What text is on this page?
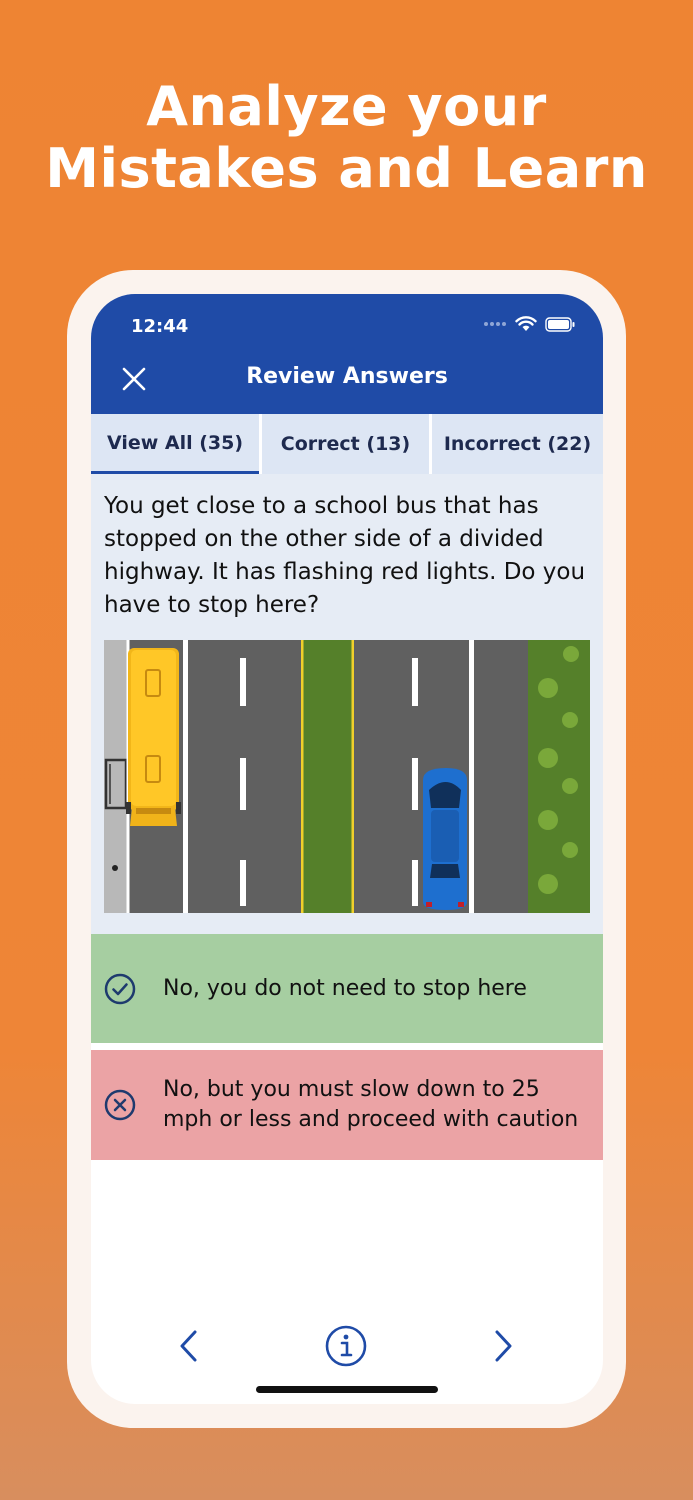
Analyze your
Mistakes and Learn
12:44
Review Answers
View All (35)	Correct (13)	Incorrect (22)
You get close to a school bus that has stopped on the other side of a divided highway. It has flashing red lights. Do you have to stop here?
No, you do not need to stop here
No, but you must slow down to 25 mph or less and proceed with caution
